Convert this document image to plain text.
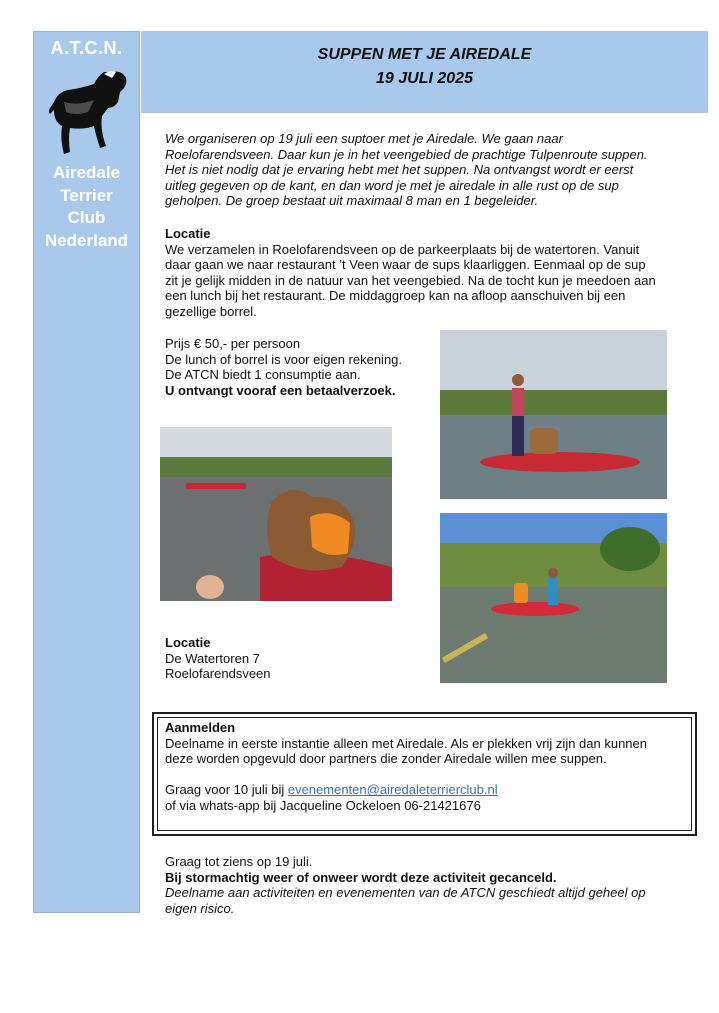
A.T.C.N.
Airedale
Terrier
Club
Nederland
SUPPEN MET JE AIREDALE
19 JULI 2025
We organiseren op 19 juli een suptoer met je Airedale. We gaan naar
Roelofarendsveen. Daar kun je in het veengebied de prachtige Tulpenroute suppen.
Het is niet nodig dat je ervaring hebt met het suppen. Na ontvangst wordt er eerst
uitleg gegeven op de kant, en dan word je met je airedale in alle rust op de sup
geholpen. De groep bestaat uit maximaal 8 man en 1 begeleider.
Locatie
We verzamelen in Roelofarendsveen op de parkeerplaats bij de watertoren. Vanuit
daar gaan we naar restaurant ’t Veen waar de sups klaarliggen. Eenmaal op de sup
zit je gelijk midden in de natuur van het veengebied. Na de tocht kun je meedoen aan
een lunch bij het restaurant. De middaggroep kan na afloop aanschuiven bij een
gezellige borrel.
Prijs € 50,- per persoon
De lunch of borrel is voor eigen rekening.
De ATCN biedt 1 consumptie aan.
U ontvangt vooraf een betaalverzoek.
Locatie
De Watertoren 7
Roelofarendsveen
Aanmelden
Deelname in eerste instantie alleen met Airedale. Als er plekken vrij zijn dan kunnen
deze worden opgevuld door partners die zonder Airedale willen mee suppen.
Graag voor 10 juli bij evenementen@airedaleterrierclub.nl
of via whats-app bij Jacqueline Ockeloen 06-21421676
Graag tot ziens op 19 juli.
Bij stormachtig weer of onweer wordt deze activiteit gecanceld.
Deelname aan activiteiten en evenementen van de ATCN geschiedt altijd geheel op
eigen risico.
